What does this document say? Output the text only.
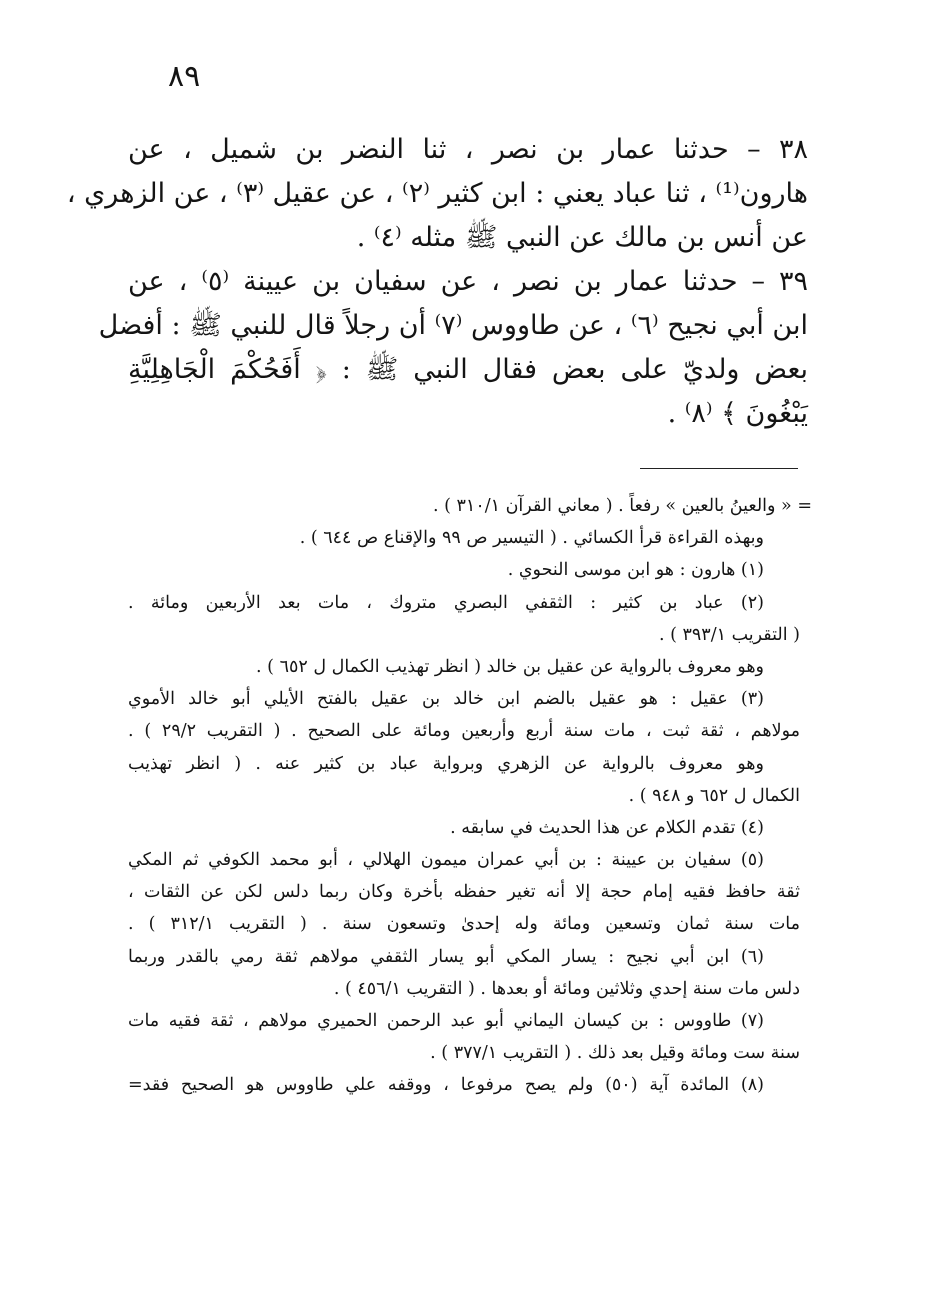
٨٩
٣٨ – حدثنا عمار بن نصر ، ثنا النضر بن شميل ، عن
هارون⁽¹⁾ ، ثنا عباد يعني : ابن كثير ⁽٢⁾ ، عن عقيل ⁽٣⁾ ، عن الزهري ،
عن أنس بن مالك عن النبي ﷺ مثله ⁽٤⁾ .
٣٩ – حدثنا عمار بن نصر ، عن سفيان بن عيينة ⁽٥⁾ ، عن
ابن أبي نجيح ⁽٦⁾ ، عن طاووس ⁽٧⁾ أن رجلاً قال للنبي ﷺ : أفضل
بعض ولديّ على بعض فقال النبي ﷺ : ﴿ أَفَحُكْمَ الْجَاهِلِيَّةِ
يَبْغُونَ ﴾ ⁽٨⁾ .
= « والعينُ بالعين » رفعاً . ( معاني القرآن ٣١٠/١ ) .
وبهذه القراءة قرأ الكسائي . ( التيسير ص ٩٩ والإقناع ص ٦٤٤ ) .
(١) هارون : هو ابن موسى النحوي .
(٢) عباد بن كثير : الثقفي البصري متروك ، مات بعد الأربعين ومائة .
( التقريب ٣٩٣/١ ) .
وهو معروف بالرواية عن عقيل بن خالد ( انظر تهذيب الكمال ل ٦٥٢ ) .
(٣) عقيل : هو عقيل بالضم ابن خالد بن عقيل بالفتح الأيلي أبو خالد الأموي
مولاهم ، ثقة ثبت ، مات سنة أربع وأربعين ومائة على الصحيح . ( التقريب ٢٩/٢ ) .
وهو معروف بالرواية عن الزهري وبرواية عباد بن كثير عنه . ( انظر تهذيب
الكمال ل ٦٥٢ و ٩٤٨ ) .
(٤) تقدم الكلام عن هذا الحديث في سابقه .
(٥) سفيان بن عيينة : بن أبي عمران ميمون الهلالي ، أبو محمد الكوفي ثم المكي
ثقة حافظ فقيه إمام حجة إلا أنه تغير حفظه بأخرة وكان ربما دلس لكن عن الثقات ،
مات سنة ثمان وتسعين ومائة وله إحدىٰ وتسعون سنة . ( التقريب ٣١٢/١ ) .
(٦) ابن أبي نجيح : يسار المكي أبو يسار الثقفي مولاهم ثقة رمي بالقدر وربما
دلس مات سنة إحدي وثلاثين ومائة أو بعدها . ( التقريب ٤٥٦/١ ) .
(٧) طاووس : بن كيسان اليماني أبو عبد الرحمن الحميري مولاهم ، ثقة فقيه مات
سنة ست ومائة وقيل بعد ذلك . ( التقريب ٣٧٧/١ ) .
(٨) المائدة آية (٥٠) ولم يصح مرفوعا ، ووقفه علي طاووس هو الصحيح فقد=
